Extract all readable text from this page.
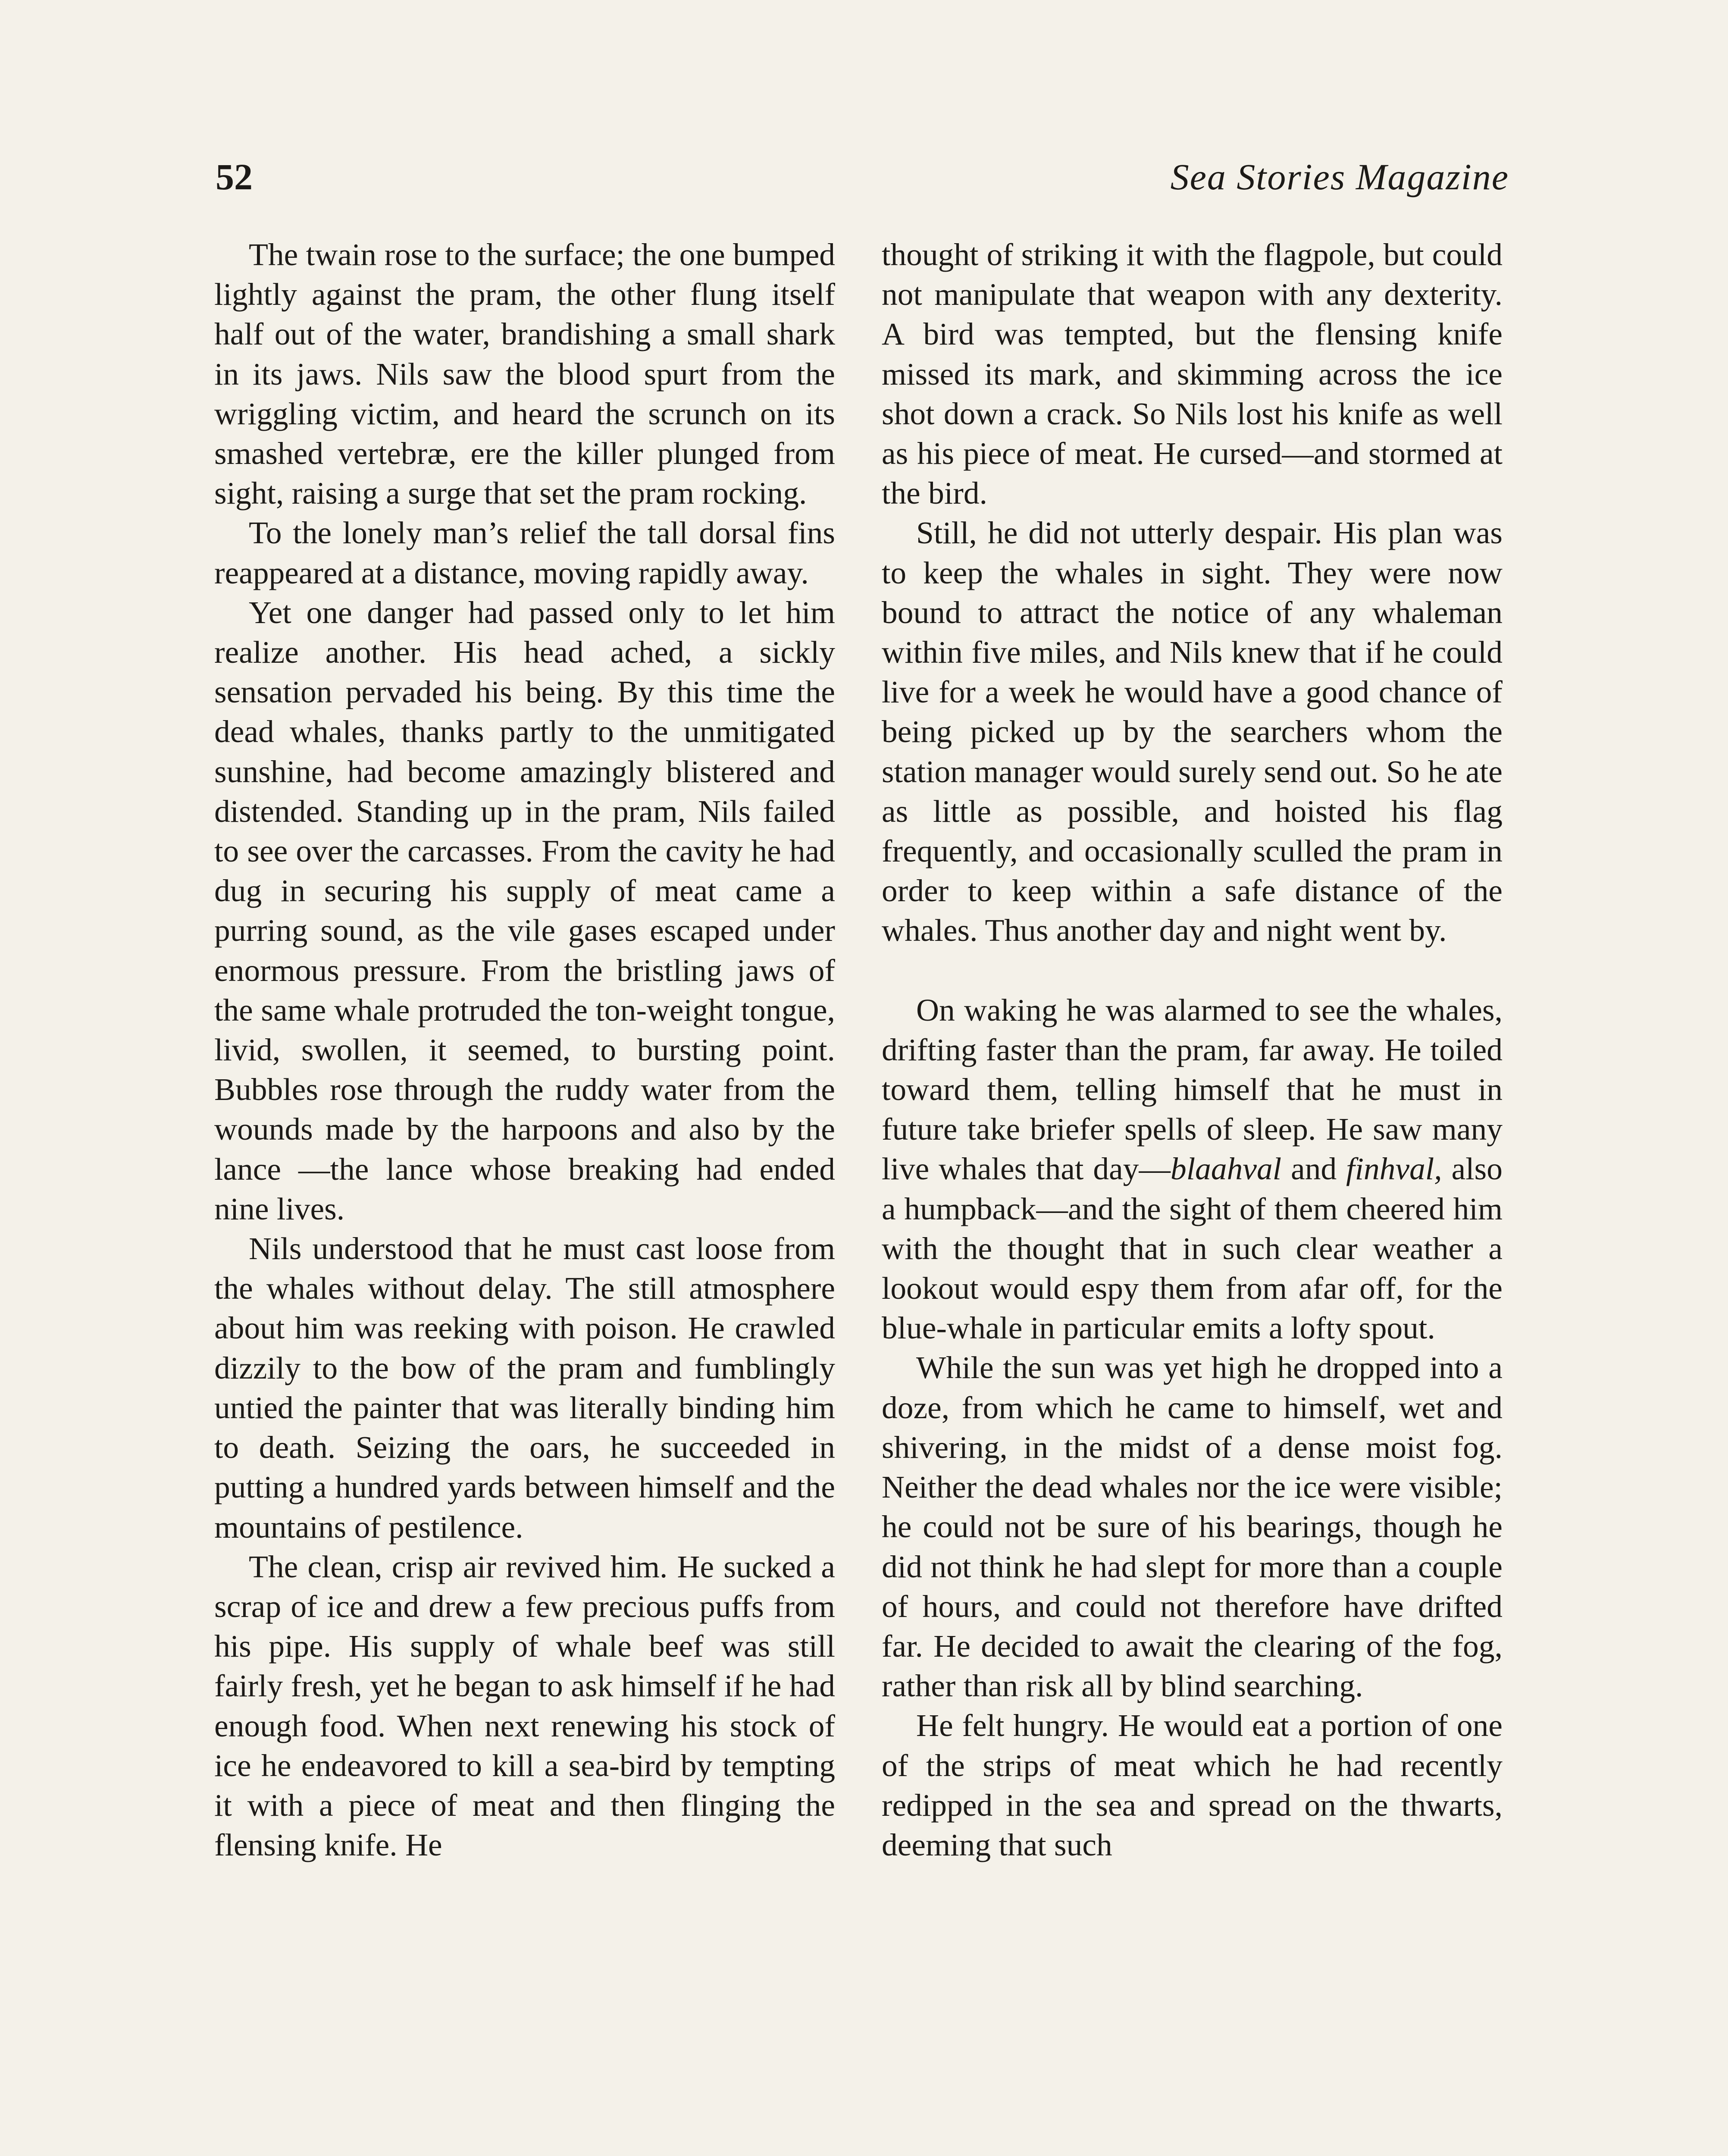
52	Sea Stories Magazine

The twain rose to the surface; the one bumped lightly against the pram, the other flung itself half out of the water, brandishing a small shark in its jaws. Nils saw the blood spurt from the wriggling victim, and heard the scrunch on its smashed vertebræ, ere the killer plunged from sight, raising a surge that set the pram rocking.

To the lonely man’s relief the tall dorsal fins reappeared at a distance, moving rapidly away.

Yet one danger had passed only to let him realize another. His head ached, a sickly sensation pervaded his being. By this time the dead whales, thanks partly to the unmitigated sunshine, had become amazingly blistered and distended. Standing up in the pram, Nils failed to see over the carcasses. From the cavity he had dug in securing his supply of meat came a purring sound, as the vile gases escaped under enormous pressure. From the bristling jaws of the same whale protruded the ton-weight tongue, livid, swollen, it seemed, to bursting point. Bubbles rose through the ruddy water from the wounds made by the harpoons and also by the lance —the lance whose breaking had ended nine lives.

Nils understood that he must cast loose from the whales without delay. The still atmosphere about him was reeking with poison. He crawled dizzily to the bow of the pram and fumblingly untied the painter that was literally binding him to death. Seizing the oars, he succeeded in putting a hundred yards between himself and the mountains of pestilence.

The clean, crisp air revived him. He sucked a scrap of ice and drew a few precious puffs from his pipe. His supply of whale beef was still fairly fresh, yet he began to ask himself if he had enough food. When next renewing his stock of ice he endeavored to kill a sea-bird by tempting it with a piece of meat and then flinging the flensing knife. He

thought of striking it with the flagpole, but could not manipulate that weapon with any dexterity. A bird was tempted, but the flensing knife missed its mark, and skimming across the ice shot down a crack. So Nils lost his knife as well as his piece of meat. He cursed—and stormed at the bird.

Still, he did not utterly despair. His plan was to keep the whales in sight. They were now bound to attract the notice of any whaleman within five miles, and Nils knew that if he could live for a week he would have a good chance of being picked up by the searchers whom the station manager would surely send out. So he ate as little as possible, and hoisted his flag frequently, and occasionally sculled the pram in order to keep within a safe distance of the whales. Thus another day and night went by.

On waking he was alarmed to see the whales, drifting faster than the pram, far away. He toiled toward them, telling himself that he must in future take briefer spells of sleep. He saw many live whales that day—blaahval and finhval, also a humpback—and the sight of them cheered him with the thought that in such clear weather a lookout would espy them from afar off, for the blue-whale in particular emits a lofty spout.

While the sun was yet high he dropped into a doze, from which he came to himself, wet and shivering, in the midst of a dense moist fog. Neither the dead whales nor the ice were visible; he could not be sure of his bearings, though he did not think he had slept for more than a couple of hours, and could not therefore have drifted far. He decided to await the clearing of the fog, rather than risk all by blind searching.

He felt hungry. He would eat a portion of one of the strips of meat which he had recently redipped in the sea and spread on the thwarts, deeming that such
